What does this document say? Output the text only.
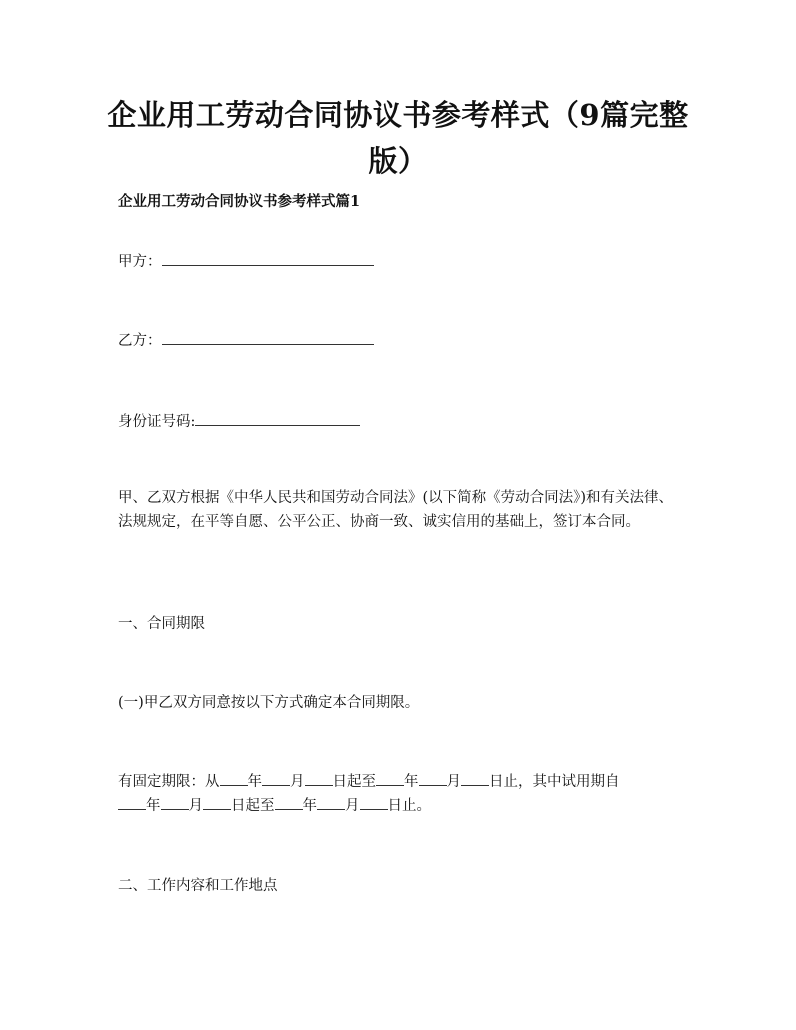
企业用工劳动合同协议书参考样式（9篇完整版）
企业用工劳动合同协议书参考样式篇1
甲方：
乙方：
身份证号码:
甲、乙双方根据《中华人民共和国劳动合同法》(以下简称《劳动合同法》)和有关法律、法规规定，在平等自愿、公平公正、协商一致、诚实信用的基础上，签订本合同。
一、合同期限
(一)甲乙双方同意按以下方式确定本合同期限。
有固定期限：从 年 月 日起至 年 月 日止，其中试用期自
年 月 日起至 年 月 日止。
二、工作内容和工作地点
